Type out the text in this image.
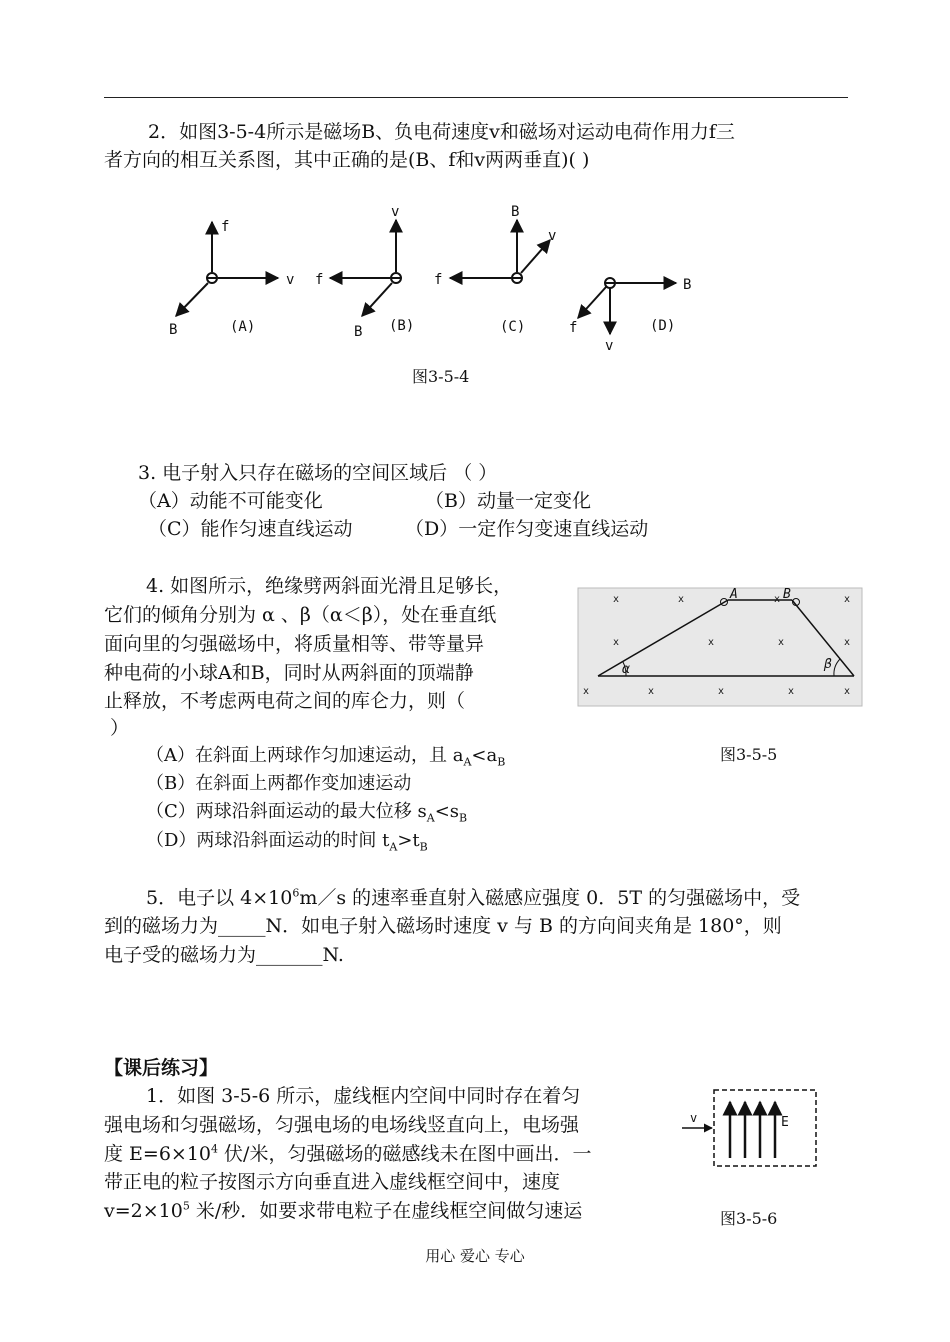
2．如图3-5-4所示是磁场B、负电荷速度v和磁场对运动电荷作用力f三
者方向的相互关系图，其中正确的是(B、f和v两两垂直)( )
f
v
B	(A)
v
f
B (B)
B
v
f
(C)
B
f
v
(D)
图3-5-4
3. 电子射入只存在磁场的空间区域后 （ ）
（A）动能不可能变化	（B）动量一定变化
（C）能作匀速直线运动	（D）一定作匀变速直线运动
4. 如图所示，绝缘劈两斜面光滑且足够长，
它们的倾角分别为 α 、β（α＜β），处在垂直纸
面向里的匀强磁场中，将质量相等、带等量异
种电荷的小球A和B，同时从两斜面的顶端静
止释放，不考虑两电荷之间的库仑力，则（
）
x	x	x	x
x	x	x	x
x	x	x	x	x
A	B
α	β
图3-5-5
（A）在斜面上两球作匀加速运动，且 $a_A<a_B$
（B）在斜面上两都作变加速运动
（C）两球沿斜面运动的最大位移 $s_A<s_B$
（D）两球沿斜面运动的时间 $t_A>t_B$
5．电子以 $4\times 10^6m/s$ 的速率垂直射入磁感应强度 0．5T 的匀强磁场中，受
到的磁场力为_____N．如电子射入磁场时速度 v 与 B 的方向间夹角是 180°，则
电子受的磁场力为_______N.
【课后练习】
1．如图 3-5-6 所示，虚线框内空间中同时存在着匀
强电场和匀强磁场，匀强电场的电场线竖直向上，电场强
度 $E=6\times 10^4$ 伏/米，匀强磁场的磁感线未在图中画出．一
带正电的粒子按图示方向垂直进入虚线框空间中，速度
$v=2\times 10^5$ 米/秒．如要求带电粒子在虚线框空间做匀速运
v	E
图3-5-6
用心 爱心 专心
